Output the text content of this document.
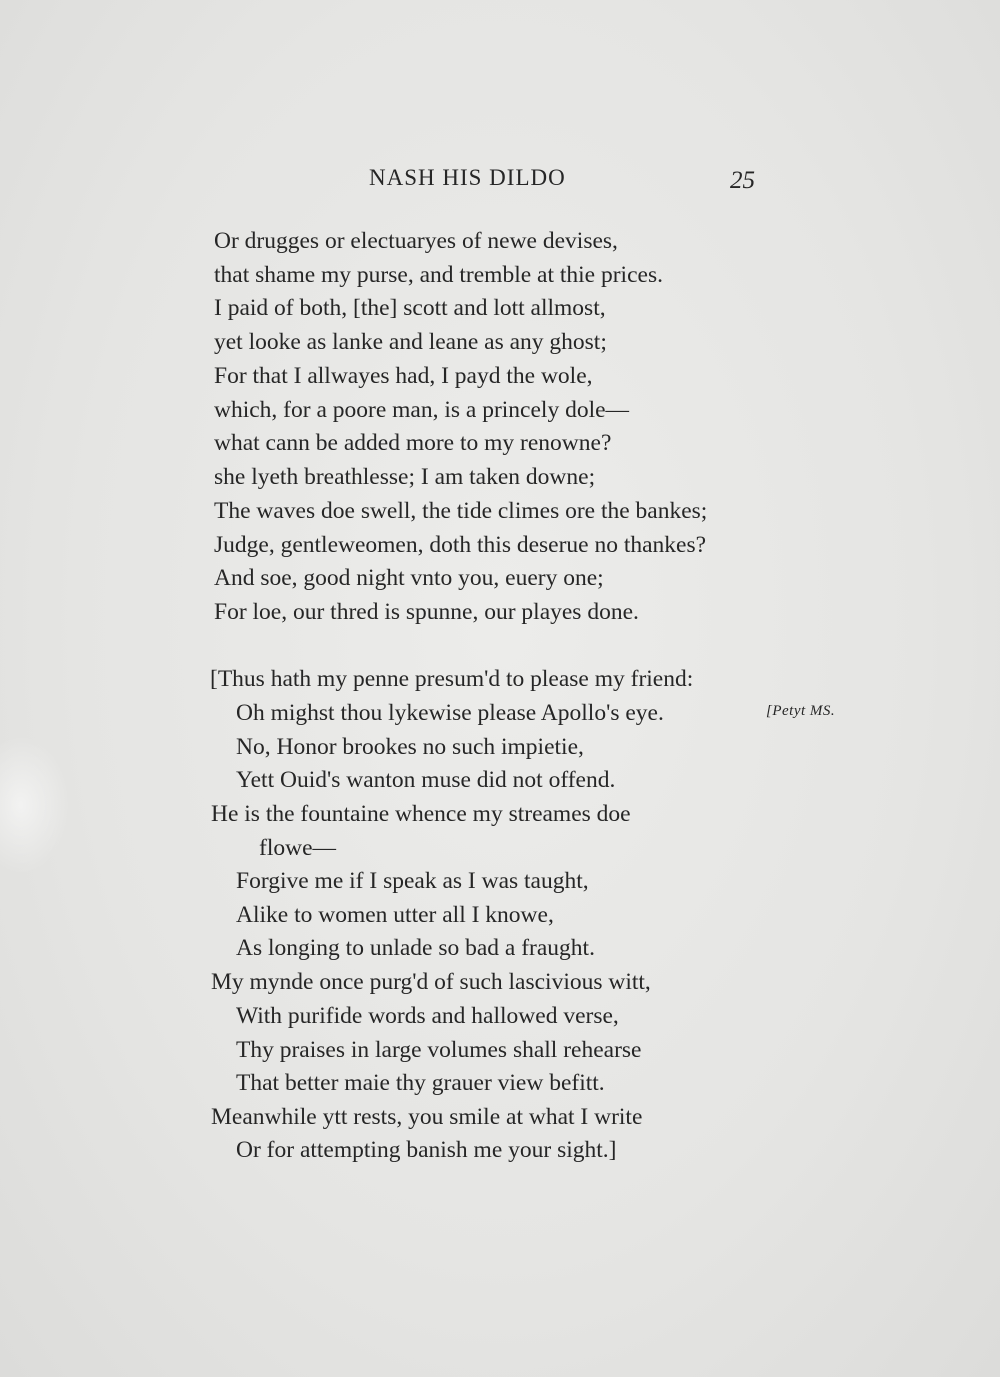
NASH HIS DILDO	25
Or drugges or electuaryes of newe devises,
that shame my purse, and tremble at thie prices.
I paid of both, [the] scott and lott allmost,
yet looke as lanke and leane as any ghost;
For that I allwayes had, I payd the wole,
which, for a poore man, is a princely dole—
what cann be added more to my renowne?
she lyeth breathlesse; I am taken downe;
The waves doe swell, the tide climes ore the bankes;
Judge, gentleweomen, doth this deserue no thankes?
And soe, good night vnto you, euery one;
For loe, our thred is spunne, our playes done.
[Thus hath my penne presum'd to please my friend:
Oh mighst thou lykewise please Apollo's eye.
No, Honor brookes no such impietie,
Yett Ouid's wanton muse did not offend.
He is the fountaine whence my streames doe
flowe—
Forgive me if I speak as I was taught,
Alike to women utter all I knowe,
As longing to unlade so bad a fraught.
My mynde once purg'd of such lascivious witt,
With purifide words and hallowed verse,
Thy praises in large volumes shall rehearse
That better maie thy grauer view befitt.
Meanwhile ytt rests, you smile at what I write
Or for attempting banish me your sight.]
[Petyt MS.
